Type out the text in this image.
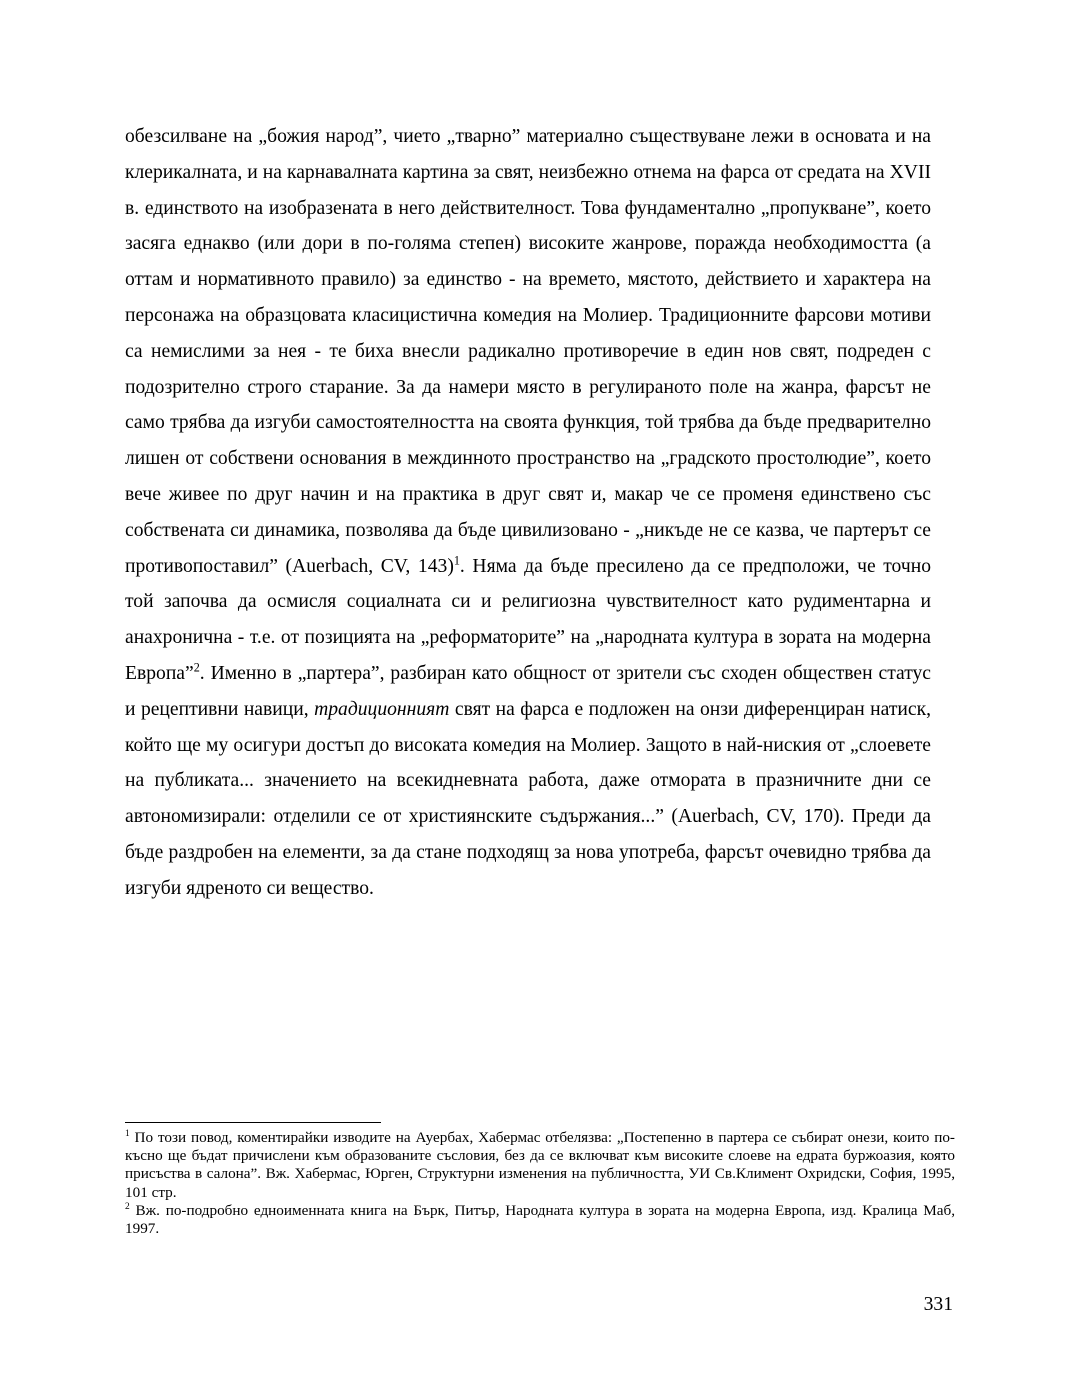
обезсилване на „божия народ”, чието „тварно” материално съществуване лежи в основата и на клерикалната, и на карнавалната картина за свят, неизбежно отнема на фарса от средата на XVII в. единството на изобразената в него действителност. Това фундаментално „пропукване”, което засяга еднакво (или дори в по-голяма степен) високите жанрове, поражда необходимостта (а оттам и нормативното правило) за единство - на времето, мястото, действието и характера на персонажа на образцовата класицистична комедия на Молиер. Традиционните фарсови мотиви са немислими за нея - те биха внесли радикално противоречие в един нов свят, подреден с подозрително строго старание. За да намери място в регулираното поле на жанра, фарсът не само трябва да изгуби самостоятелността на своята функция, той трябва да бъде предварително лишен от собствени основания в междинното пространство на „градското простолюдие”, което вече живее по друг начин и на практика в друг свят и, макар че се променя единствено със собствената си динамика, позволява да бъде цивилизовано - „никъде не се казва, че партерът се противопоставил” (Auerbach, CV, 143)$^1$. Няма да бъде пресилено да се предположи, че точно той започва да осмисля социалната си и религиозна чувствителност като рудиментарна и анахронична - т.е. от позицията на „реформаторите” на „народната култура в зората на модерна Европа”$^2$. Именно в „партера”, разбиран като общност от зрители със сходен обществен статус и рецептивни навици, традиционният свят на фарса е подложен на онзи диференциран натиск, който ще му осигури достъп до високата комедия на Молиер. Защото в най-ниския от „слоевете на публиката... значението на всекидневната работа, даже отмората в празничните дни се автономизирали: отделили се от християнските съдържания...” (Auerbach, CV, 170). Преди да бъде раздробен на елементи, за да стане подходящ за нова употреба, фарсът очевидно трябва да изгуби ядреното си вещество.

$^1$ По този повод, коментирайки изводите на Ауербах, Хабермас отбелязва: „Постепенно в партера се събират онези, които по-късно ще бъдат причислени към образованите съсловия, без да се включват към високите слоеве на едрата буржоазия, която присъства в салона”. Вж. Хабермас, Юрген, Структурни изменения на публичността, УИ Св.Климент Охридски, София, 1995, 101 стр.

$^2$ Вж. по-подробно едноименната книга на Бърк, Питър, Народната култура в зората на модерна Европа, изд. Кралица Маб, 1997.

331
